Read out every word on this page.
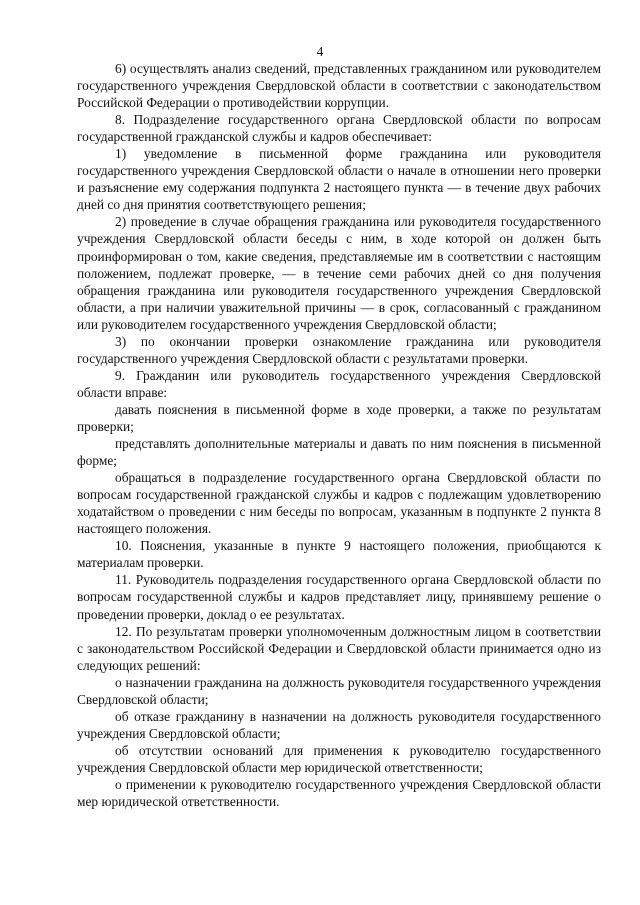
4

6) осуществлять анализ сведений, представленных гражданином или руководителем государственного учреждения Свердловской области в соответствии с законодательством Российской Федерации о противодействии коррупции.

8. Подразделение государственного органа Свердловской области по вопросам государственной гражданской службы и кадров обеспечивает:

1) уведомление в письменной форме гражданина или руководителя государственного учреждения Свердловской области о начале в отношении него проверки и разъяснение ему содержания подпункта 2 настоящего пункта — в течение двух рабочих дней со дня принятия соответствующего решения;

2) проведение в случае обращения гражданина или руководителя государственного учреждения Свердловской области беседы с ним, в ходе которой он должен быть проинформирован о том, какие сведения, представляемые им в соответствии с настоящим положением, подлежат проверке, — в течение семи рабочих дней со дня получения обращения гражданина или руководителя государственного учреждения Свердловской области, а при наличии уважительной причины — в срок, согласованный с гражданином или руководителем государственного учреждения Свердловской области;

3) по окончании проверки ознакомление гражданина или руководителя государственного учреждения Свердловской области с результатами проверки.

9. Гражданин или руководитель государственного учреждения Свердловской области вправе:

давать пояснения в письменной форме в ходе проверки, а также по результатам проверки;

представлять дополнительные материалы и давать по ним пояснения в письменной форме;

обращаться в подразделение государственного органа Свердловской области по вопросам государственной гражданской службы и кадров с подлежащим удовлетворению ходатайством о проведении с ним беседы по вопросам, указанным в подпункте 2 пункта 8 настоящего положения.

10. Пояснения, указанные в пункте 9 настоящего положения, приобщаются к материалам проверки.

11. Руководитель подразделения государственного органа Свердловской области по вопросам государственной службы и кадров представляет лицу, принявшему решение о проведении проверки, доклад о ее результатах.

12. По результатам проверки уполномоченным должностным лицом в соответствии с законодательством Российской Федерации и Свердловской области принимается одно из следующих решений:

о назначении гражданина на должность руководителя государственного учреждения Свердловской области;

об отказе гражданину в назначении на должность руководителя государственного учреждения Свердловской области;

об отсутствии оснований для применения к руководителю государственного учреждения Свердловской области мер юридической ответственности;

о применении к руководителю государственного учреждения Свердловской области мер юридической ответственности.
